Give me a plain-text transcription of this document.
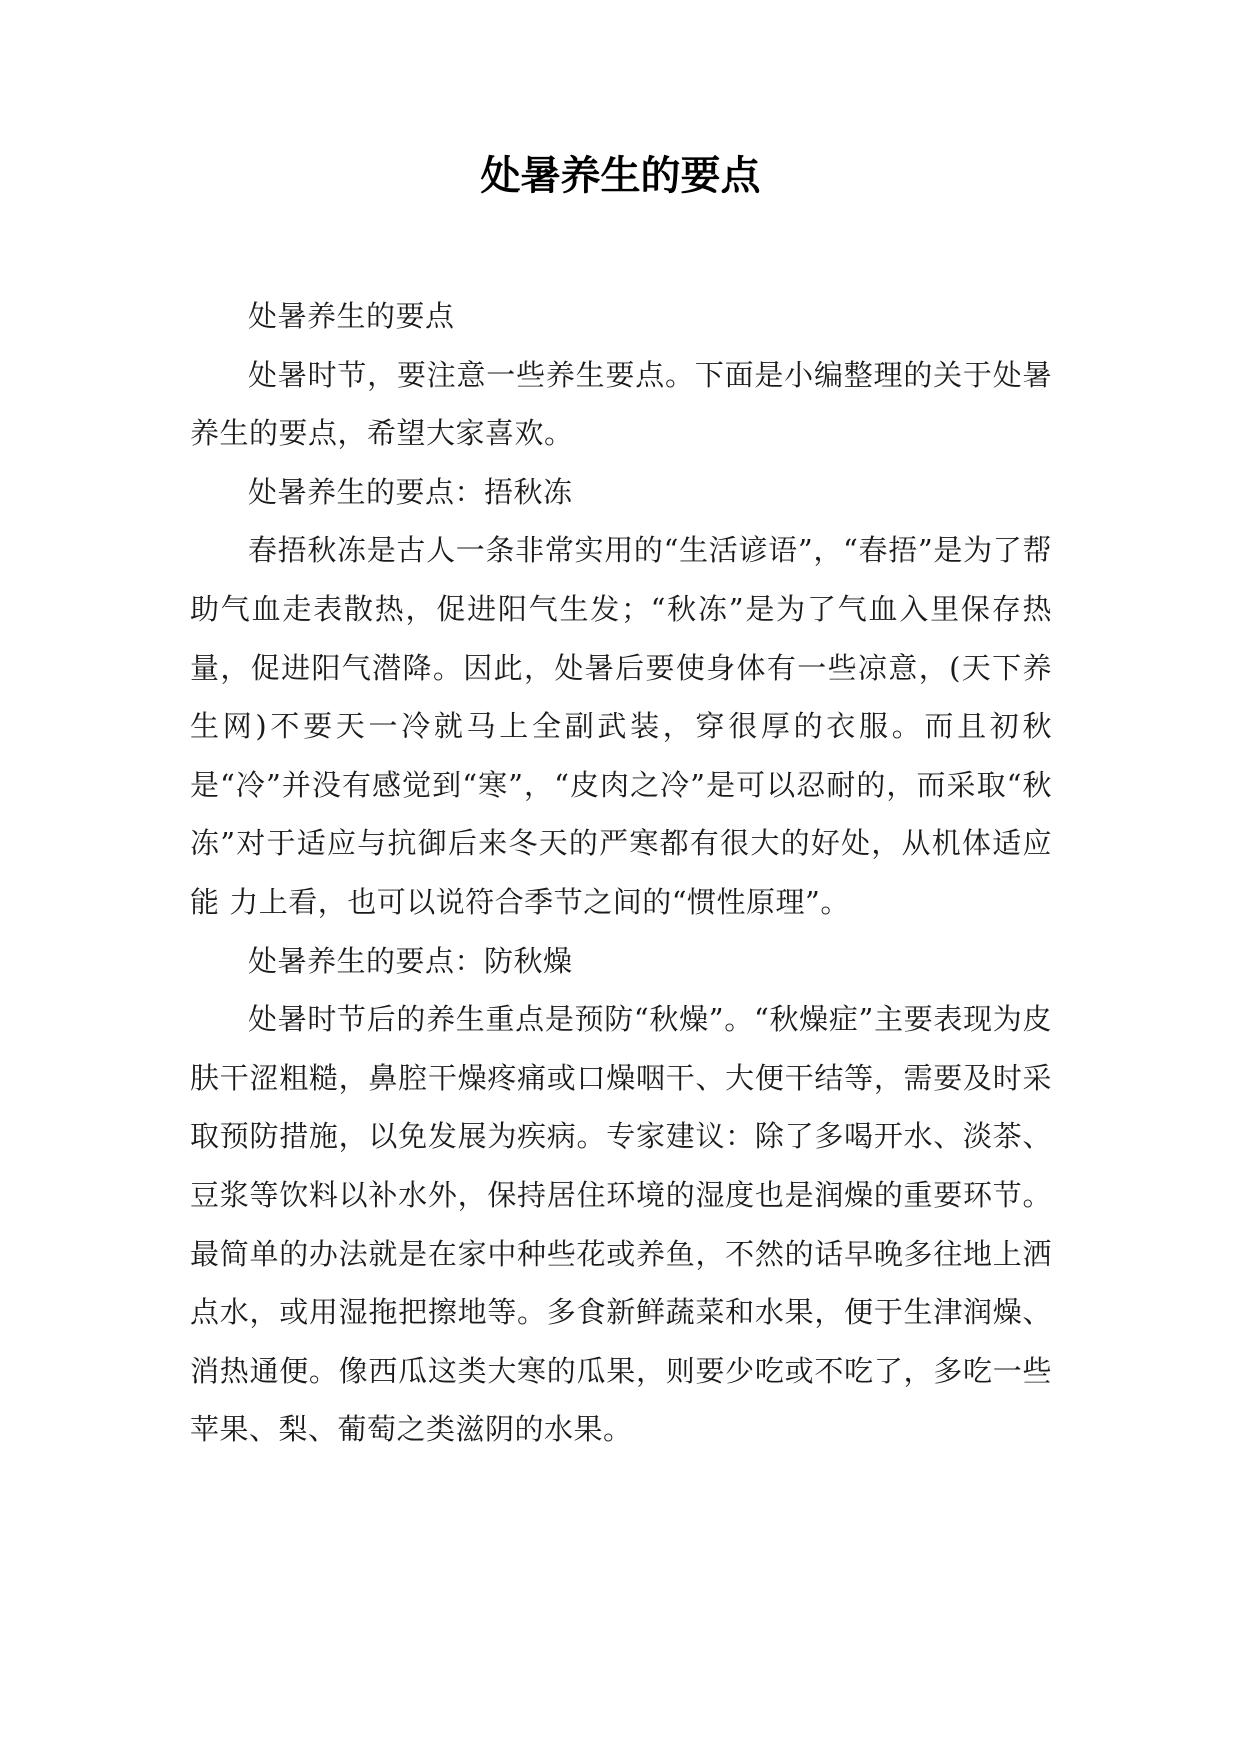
处暑养生的要点

处暑养生的要点

处暑时节，要注意一些养生要点。下面是小编整理的关于处暑养生的要点，希望大家喜欢。

处暑养生的要点：捂秋冻

春捂秋冻是古人一条非常实用的“生活谚语”，“春捂”是为了帮助气血走表散热，促进阳气生发；“秋冻”是为了气血入里保存热量，促进阳气潜降。因此，处暑后要使身体有一些凉意，(天下养生网)不要天一冷就马上全副武装，穿很厚的衣服。而且初秋是“冷”并没有感觉到“寒”，“皮肉之冷”是可以忍耐的，而采取“秋冻”对于适应与抗御后来冬天的严寒都有很大的好处，从机体适应能 力上看，也可以说符合季节之间的“惯性原理”。

处暑养生的要点：防秋燥

处暑时节后的养生重点是预防“秋燥”。“秋燥症”主要表现为皮肤干涩粗糙，鼻腔干燥疼痛或口燥咽干、大便干结等，需要及时采取预防措施，以免发展为疾病。专家建议：除了多喝开水、淡茶、豆浆等饮料以补水外，保持居住环境的湿度也是润燥的重要环节。最简单的办法就是在家中种些花或养鱼，不然的话早晚多往地上洒点水，或用湿拖把擦地等。多食新鲜蔬菜和水果，便于生津润燥、消热通便。像西瓜这类大寒的瓜果，则要少吃或不吃了，多吃一些苹果、梨、葡萄之类滋阴的水果。
